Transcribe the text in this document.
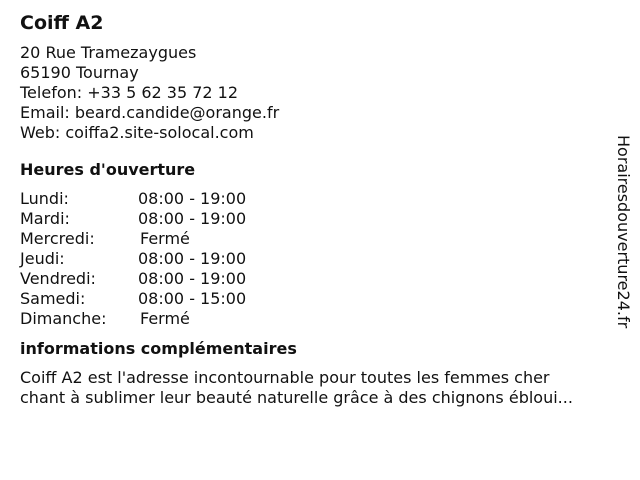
Coiff A2
20 Rue Tramezaygues
65190 Tournay
Telefon: +33 5 62 35 72 12
Email: beard.candide@orange.fr
Web: coiffa2.site-solocal.com
Heures d'ouverture
Lundi:	08:00 - 19:00
Mardi:	08:00 - 19:00
Mercredi:	Fermé
Jeudi:	08:00 - 19:00
Vendredi:	08:00 - 19:00
Samedi:	08:00 - 15:00
Dimanche:	Fermé
informations complémentaires
Coiff A2 est l'adresse incontournable pour toutes les femmes cher
chant à sublimer leur beauté naturelle grâce à des chignons ébloui...
Horairesdouverture24.fr
